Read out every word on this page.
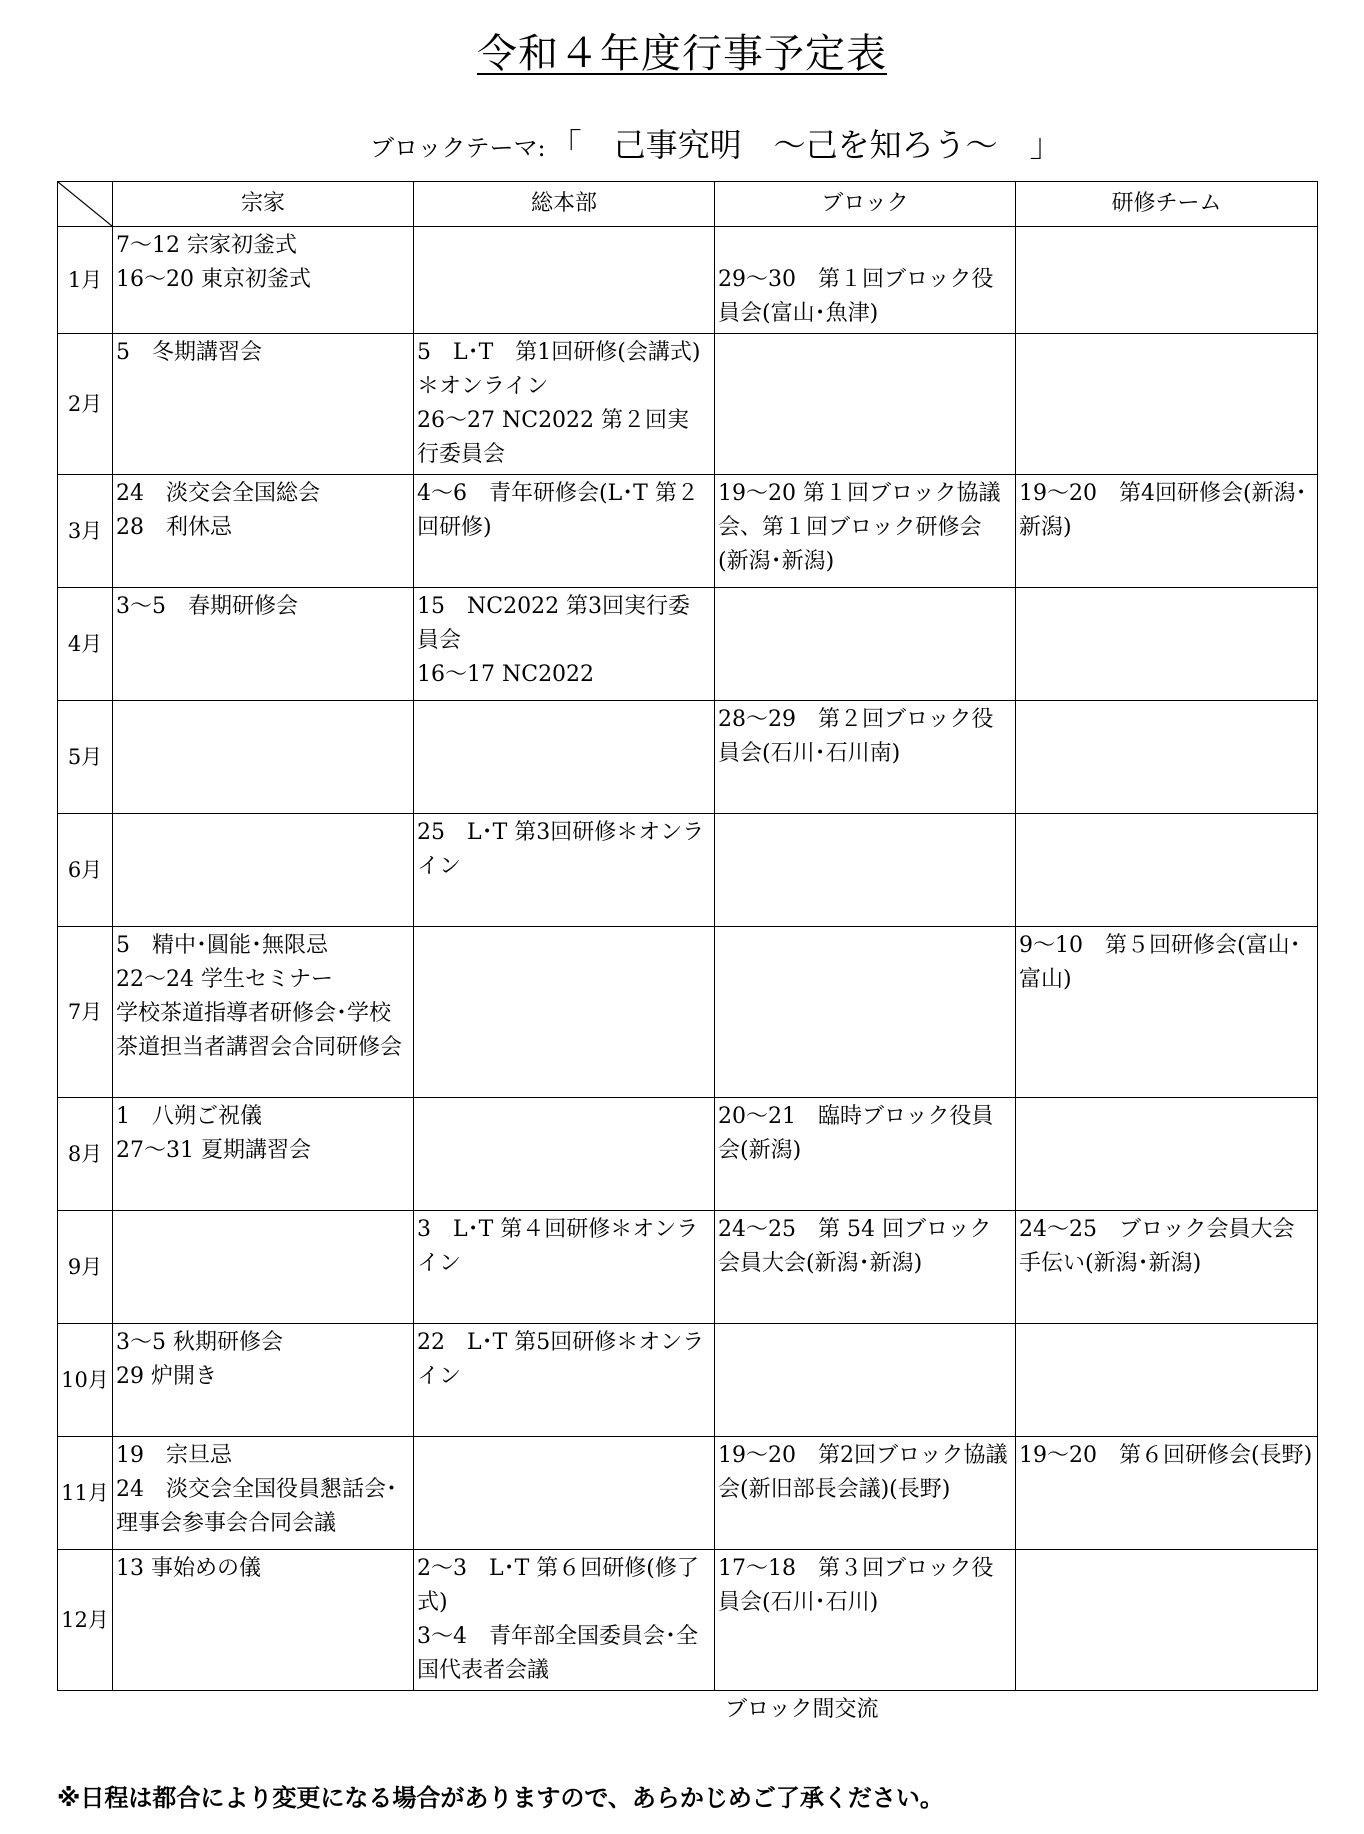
令和４年度行事予定表
ブロックテーマ: 「　己事究明　～己を知ろう～　」
	宗家	総本部	ブロック	研修チーム
1月	7～12 宗家初釜式
16～20 東京初釜式		29～30　第１回ブロック役員会(富山･魚津)	

2月	5　冬期講習会	5　L･T　第1回研修(会講式)
＊オンライン
26～27 NC2022 第２回実行委員会		

3月	24　淡交会全国総会
28　利休忌	4～6　青年研修会(L･T 第２回研修)	19～20 第１回ブロック協議会、第１回ブロック研修会(新潟･新潟)	19～20　第4回研修会(新潟･新潟)

4月	3～5　春期研修会	15　NC2022 第3回実行委員会
16～17 NC2022		

5月			28～29　第２回ブロック役員会(石川･石川南)	

6月		25　L･T 第3回研修＊オンライン		

7月	5　精中･圓能･無限忌
22～24 学生セミナー
学校茶道指導者研修会･学校茶道担当者講習会合同研修会			9～10　第５回研修会(富山･富山)

8月	1　八朔ご祝儀
27～31 夏期講習会		20～21　臨時ブロック役員会(新潟)	

9月		3　L･T 第４回研修＊オンライン	24～25　第 54 回ブロック会員大会(新潟･新潟)	24～25　ブロック会員大会手伝い(新潟･新潟)

10月	3～5 秋期研修会
29 炉開き	22　L･T 第5回研修＊オンライン		

11月	19　宗旦忌
24　淡交会全国役員懇話会･理事会参事会合同会議		19～20　第2回ブロック協議会(新旧部長会議)(長野)	19～20　第６回研修会(長野)

12月	13 事始めの儀	2～3　L･T 第６回研修(修了式)
3～4　青年部全国委員会･全国代表者会議	17～18　第３回ブロック役員会(石川･石川)	

ブロック間交流
※日程は都合により変更になる場合がありますので、あらかじめご了承ください。
